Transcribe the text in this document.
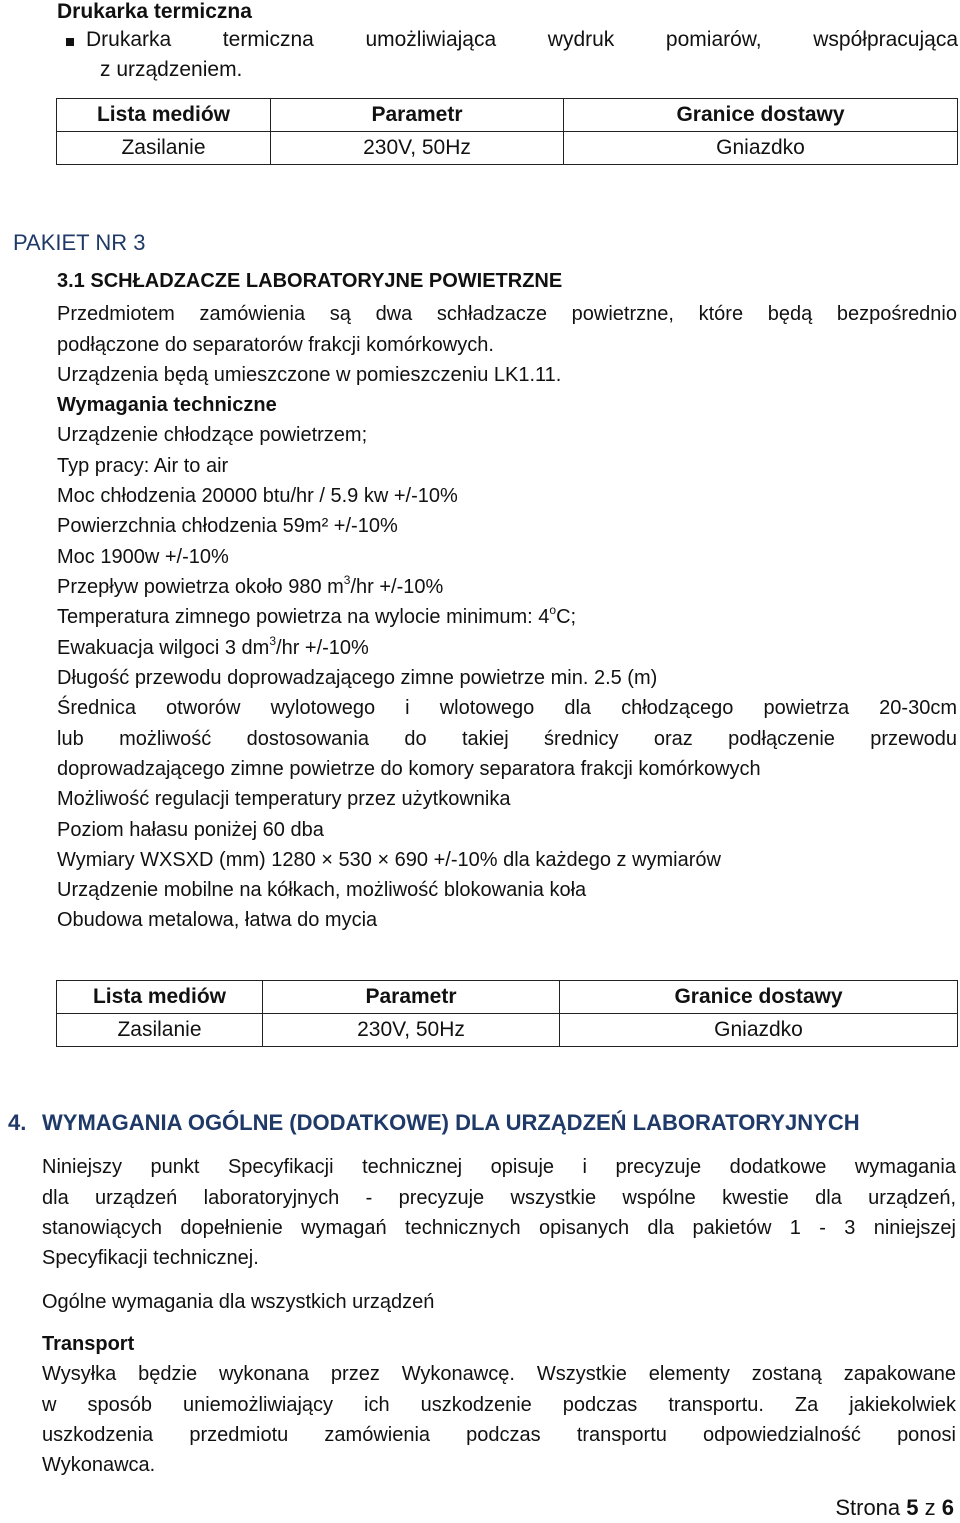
Drukarka termiczna
Drukarka termiczna umożliwiająca wydruk pomiarów, współpracująca
z urządzeniem.
Lista mediów	Parametr	Granice dostawy
Zasilanie	230V, 50Hz	Gniazdko
PAKIET NR 3
3.1 SCHŁADZACZE LABORATORYJNE POWIETRZNE
Przedmiotem zamówienia są dwa schładzacze powietrzne, które będą bezpośrednio
podłączone do separatorów frakcji komórkowych.
Urządzenia będą umieszczone w pomieszczeniu LK1.11.
Wymagania techniczne
Urządzenie chłodzące powietrzem;
Typ pracy: Air to air
Moc chłodzenia 20000 btu/hr / 5.9 kw +/-10%
Powierzchnia chłodzenia 59m² +/-10%
Moc 1900w +/-10%
Przepływ powietrza około 980 $m^3/hr +/-10\%$
Temperatura zimnego powietrza na wylocie minimum: 4$^o$C;
Ewakuacja wilgoci 3 $dm^3/hr +/-10\%$
Długość przewodu doprowadzającego zimne powietrze min. 2.5 (m)
Średnica otworów wylotowego i wlotowego dla chłodzącego powietrza 20-30cm
lub możliwość dostosowania do takiej średnicy oraz podłączenie przewodu
doprowadzającego zimne powietrze do komory separatora frakcji komórkowych
Możliwość regulacji temperatury przez użytkownika
Poziom hałasu poniżej 60 dba
Wymiary WXSXD (mm) 1280 × 530 × 690 +/-10% dla każdego z wymiarów
Urządzenie mobilne na kółkach, możliwość blokowania koła
Obudowa metalowa, łatwa do mycia
Lista mediów	Parametr	Granice dostawy
Zasilanie	230V, 50Hz	Gniazdko
4. WYMAGANIA OGÓLNE (DODATKOWE) DLA URZĄDZEŃ LABORATORYJNYCH
Niniejszy punkt Specyfikacji technicznej opisuje i precyzuje dodatkowe wymagania
dla urządzeń laboratoryjnych - precyzuje wszystkie wspólne kwestie dla urządzeń,
stanowiących dopełnienie wymagań technicznych opisanych dla pakietów 1 - 3 niniejszej
Specyfikacji technicznej.
Ogólne wymagania dla wszystkich urządzeń
Transport
Wysyłka będzie wykonana przez Wykonawcę. Wszystkie elementy zostaną zapakowane
w sposób uniemożliwiający ich uszkodzenie podczas transportu. Za jakiekolwiek
uszkodzenia przedmiotu zamówienia podczas transportu odpowiedzialność ponosi
Wykonawca.
Strona 5 z 6
